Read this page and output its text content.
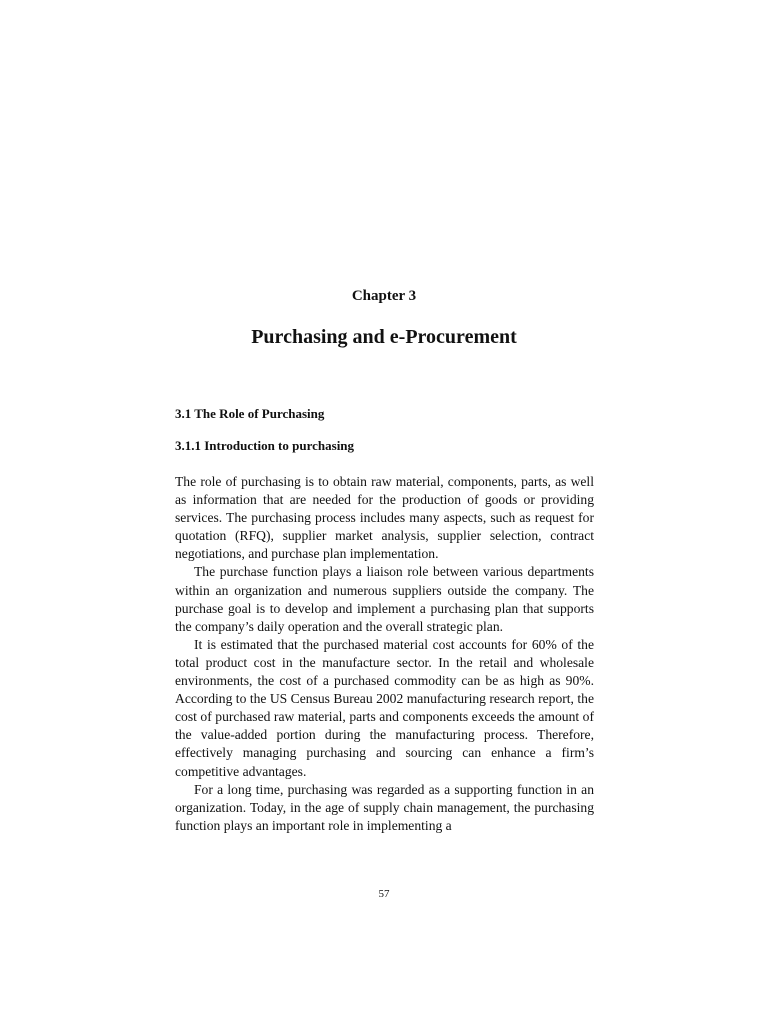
Chapter 3
Purchasing and e-Procurement
3.1 The Role of Purchasing
3.1.1 Introduction to purchasing

The role of purchasing is to obtain raw material, components, parts, as well as information that are needed for the production of goods or providing services. The purchasing process includes many aspects, such as request for quotation (RFQ), supplier market analysis, supplier selection, contract negotiations, and purchase plan implementation.

The purchase function plays a liaison role between various departments within an organization and numerous suppliers outside the company. The purchase goal is to develop and implement a purchasing plan that supports the company’s daily operation and the overall strategic plan.

It is estimated that the purchased material cost accounts for 60% of the total product cost in the manufacture sector. In the retail and wholesale environments, the cost of a purchased commodity can be as high as 90%. According to the US Census Bureau 2002 manufacturing research report, the cost of purchased raw material, parts and components exceeds the amount of the value-added portion during the manufacturing process. Therefore, effectively managing purchasing and sourcing can enhance a firm’s competitive advantages.

For a long time, purchasing was regarded as a supporting function in an organization. Today, in the age of supply chain management, the purchasing function plays an important role in implementing a

57
